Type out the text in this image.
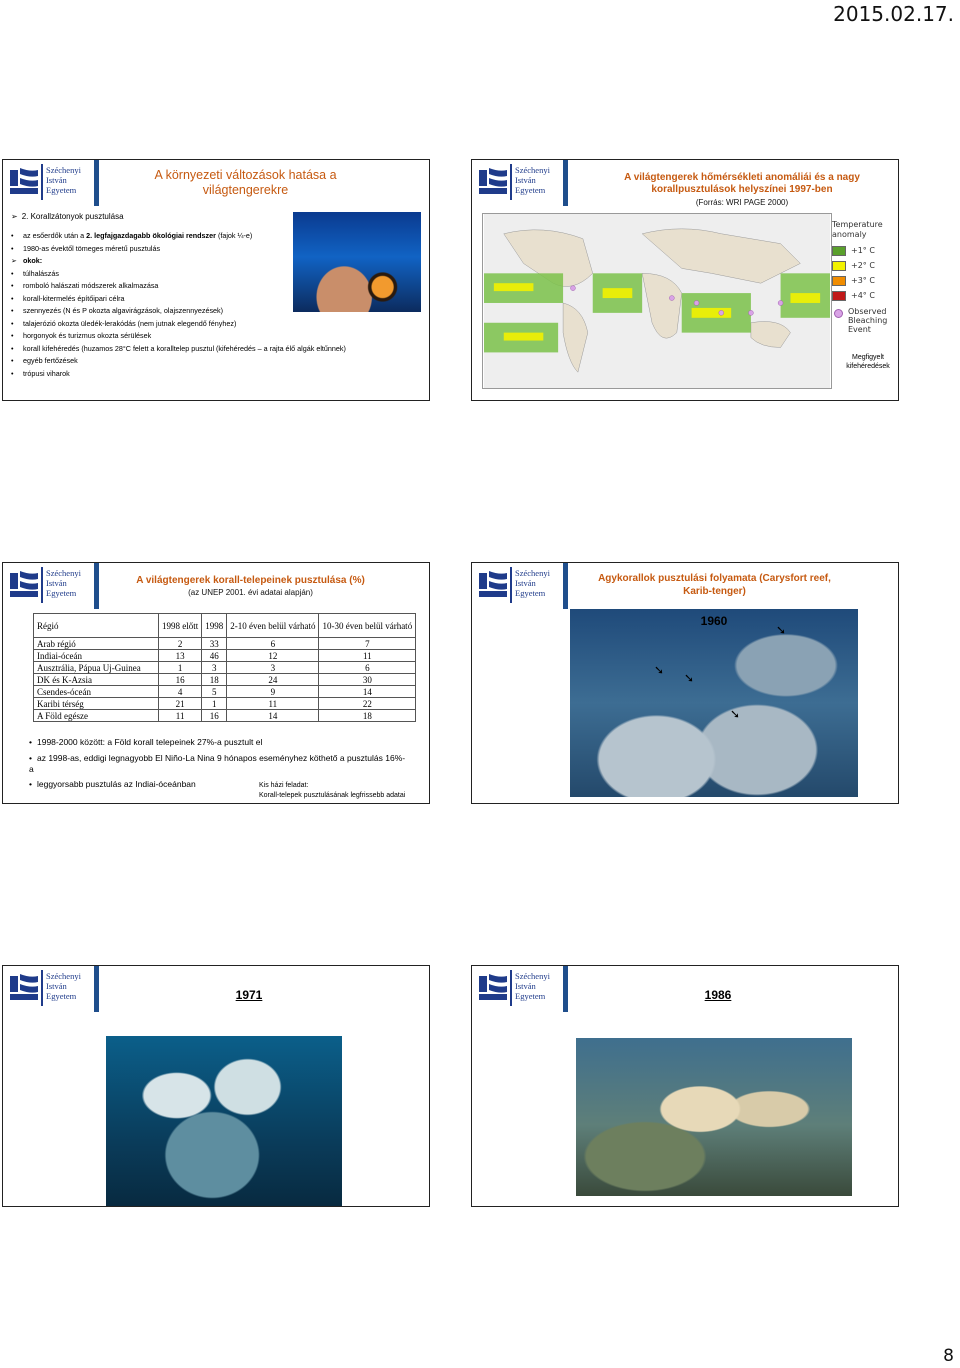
2015.02.17.
Széchenyi
István
Egyetem
A környezeti változások hatása a világtengerekre
➢ 2. Korallzátonyok pusztulása
• az esőerdők után a 2. legfajgazdagabb ökológiai rendszer (fajok ¼-e)
• 1980-as évektől tömeges méretű pusztulás
➢ okok:
• túlhalászás
• romboló halászati módszerek alkalmazása
• korall-kitermelés építőipari célra
• szennyezés (N és P okozta algavirágzások, olajszennyezések)
• talajerózió okozta üledék-lerakódás (nem jutnak elegendő fényhez)
• horgonyok és turizmus okozta sérülések
• korall kifehéredés (huzamos 28°C felett a koralltelep pusztul (kifehéredés – a rajta élő algák eltűnnek)
• egyéb fertőzések
• trópusi viharok
Széchenyi
István
Egyetem
A világtengerek hőmérsékleti anomáliái és a nagy korallpusztulások helyszínei 1997-ben
(Forrás: WRI PAGE 2000)
Temperature anomaly
+1° C
+2° C
+3° C
+4° C
Observed Bleaching Event
Megfigyelt
kifehéredések
Széchenyi
István
Egyetem
A világtengerek korall-telepeinek pusztulása (%)
(az UNEP 2001. évi adatai alapján)
Régió	1998 előtt	1998	2-10 éven belül várható	10-30 éven belül várható
Arab régió	2	33	6	7
Indiai-óceán	13	46	12	11
Ausztrália, Pápua Uj-Guinea	1	3	3	6
DK és K-Azsia	16	18	24	30
Csendes-óceán	4	5	9	14
Karibi térség	21	1	11	22
A Föld egésze	11	16	14	18
• 1998-2000 között: a Föld korall telepeinek 27%-a pusztult el
• az 1998-as, eddigi legnagyobb El Niño-La Nina 9 hónapos eseményhez köthető a pusztulás 16%-a
• leggyorsabb pusztulás az Indiai-óceánban	Kis házi feladat:
Korall-telepek pusztulásának legfrissebb adatai
Széchenyi
István
Egyetem
Agykorallok pusztulási folyamata (Carysfort reef, Karib-tenger)
1960
➘
➘
➘
➘
Széchenyi
István
Egyetem	1971
Széchenyi
István
Egyetem	1986
8
